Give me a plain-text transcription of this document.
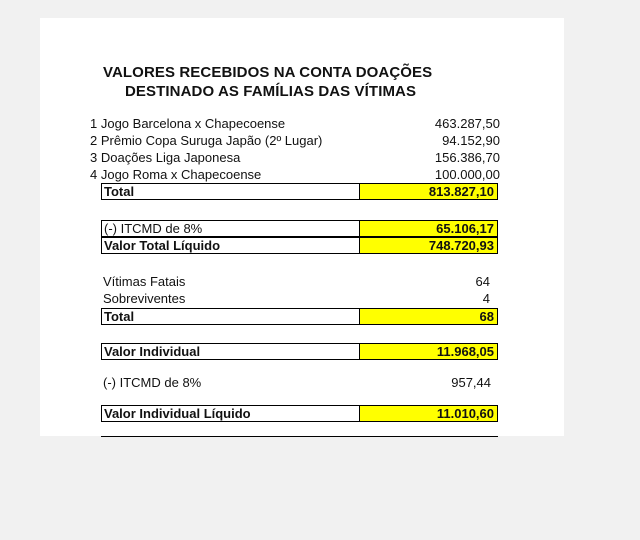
VALORES RECEBIDOS NA CONTA DOAÇÕES
DESTINADO AS FAMÍLIAS DAS VÍTIMAS
1 Jogo Barcelona x Chapecoense	463.287,50
2 Prêmio Copa Suruga Japão (2º Lugar)	94.152,90
3 Doações Liga Japonesa	156.386,70
4 Jogo Roma x Chapecoense	100.000,00
Total	813.827,10
(-) ITCMD de 8%	65.106,17
Valor Total Líquido	748.720,93
Vítimas Fatais	64
Sobreviventes	4
Total	68
Valor Individual	11.968,05
(-) ITCMD de 8%	957,44
Valor Individual Líquido	11.010,60
